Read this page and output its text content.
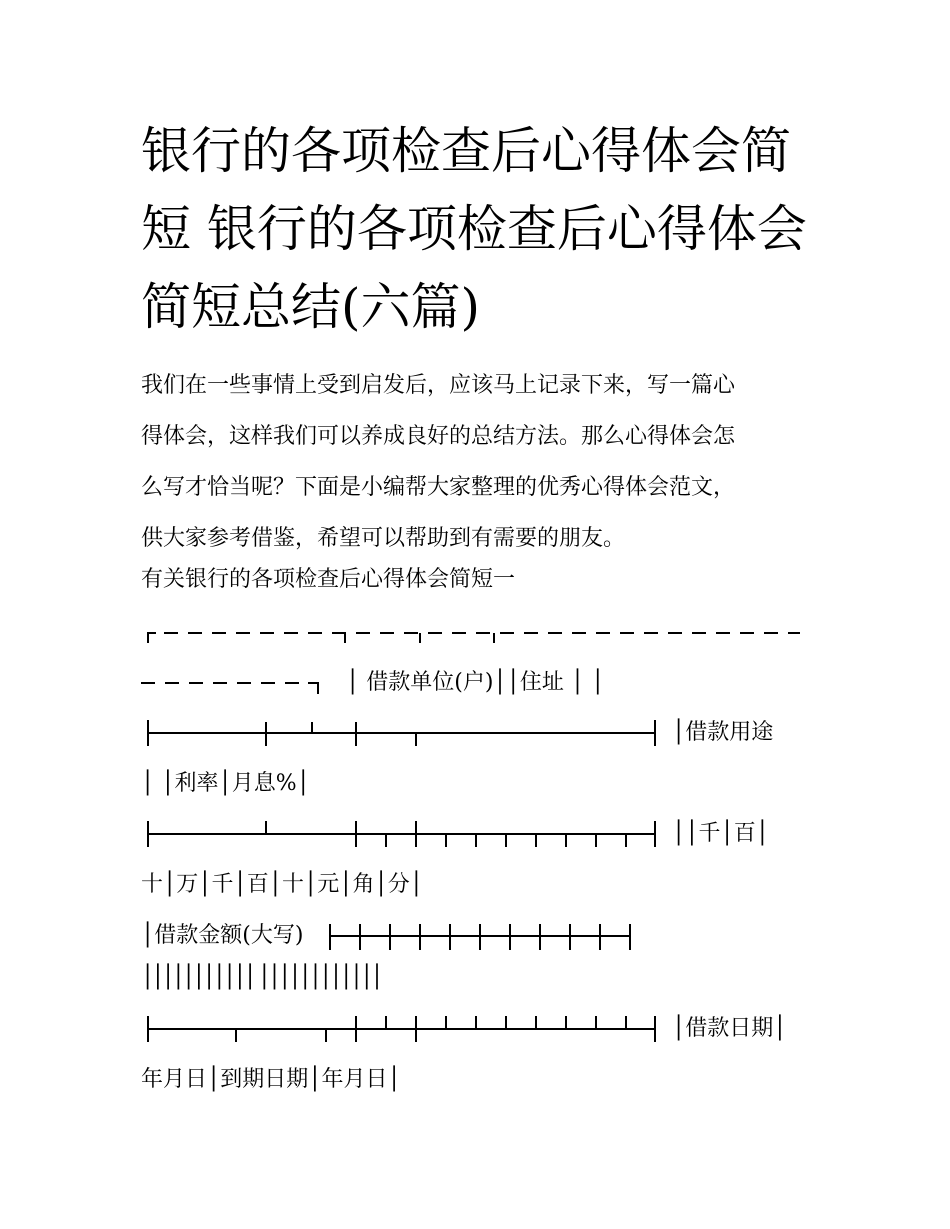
银行的各项检查后心得体会简
短 银行的各项检查后心得体会
简短总结(六篇)

我们在一些事情上受到启发后，应该马上记录下来，写一篇心
得体会，这样我们可以养成良好的总结方法。那么心得体会怎
么写才恰当呢？下面是小编帮大家整理的优秀心得体会范文，
供大家参考借鉴，希望可以帮助到有需要的朋友。

有关银行的各项检查后心得体会简短一

│ 借款单位(户)││住址 │ │
│借款用途
│ │利率│月息%│
││千│百│
十│万│千│百│十│元│角│分│
│借款金额(大写)
│││││││││││ ││││││││││││
│借款日期│
年月日│到期日期│年月日│
